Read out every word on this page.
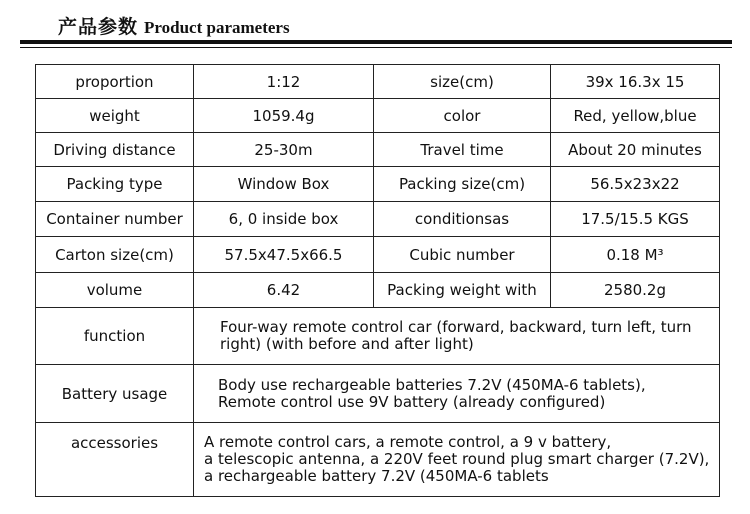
产品参数 Product parameters
proportion	1:12	size(cm)	39x 16.3x 15
weight	1059.4g	color	Red, yellow,blue
Driving distance	25-30m	Travel time	About 20 minutes
Packing type	Window Box	Packing size(cm)	56.5x23x22
Container number	6, 0 inside box	conditionsas	17.5/15.5 KGS
Carton size(cm)	57.5x47.5x66.5	Cubic number	0.18 M³
volume	6.42	Packing weight with	2580.2g
function	Four-way remote control car (forward, backward, turn left, turn
right) (with before and after light)		

Battery usage	Body use rechargeable batteries 7.2V (450MA-6 tablets),
Remote control use 9V battery (already configured)		

accessories	A remote control cars, a remote control, a 9 v battery,
a telescopic antenna, a 220V feet round plug smart charger (7.2V),
a rechargeable battery 7.2V (450MA-6 tablets		
